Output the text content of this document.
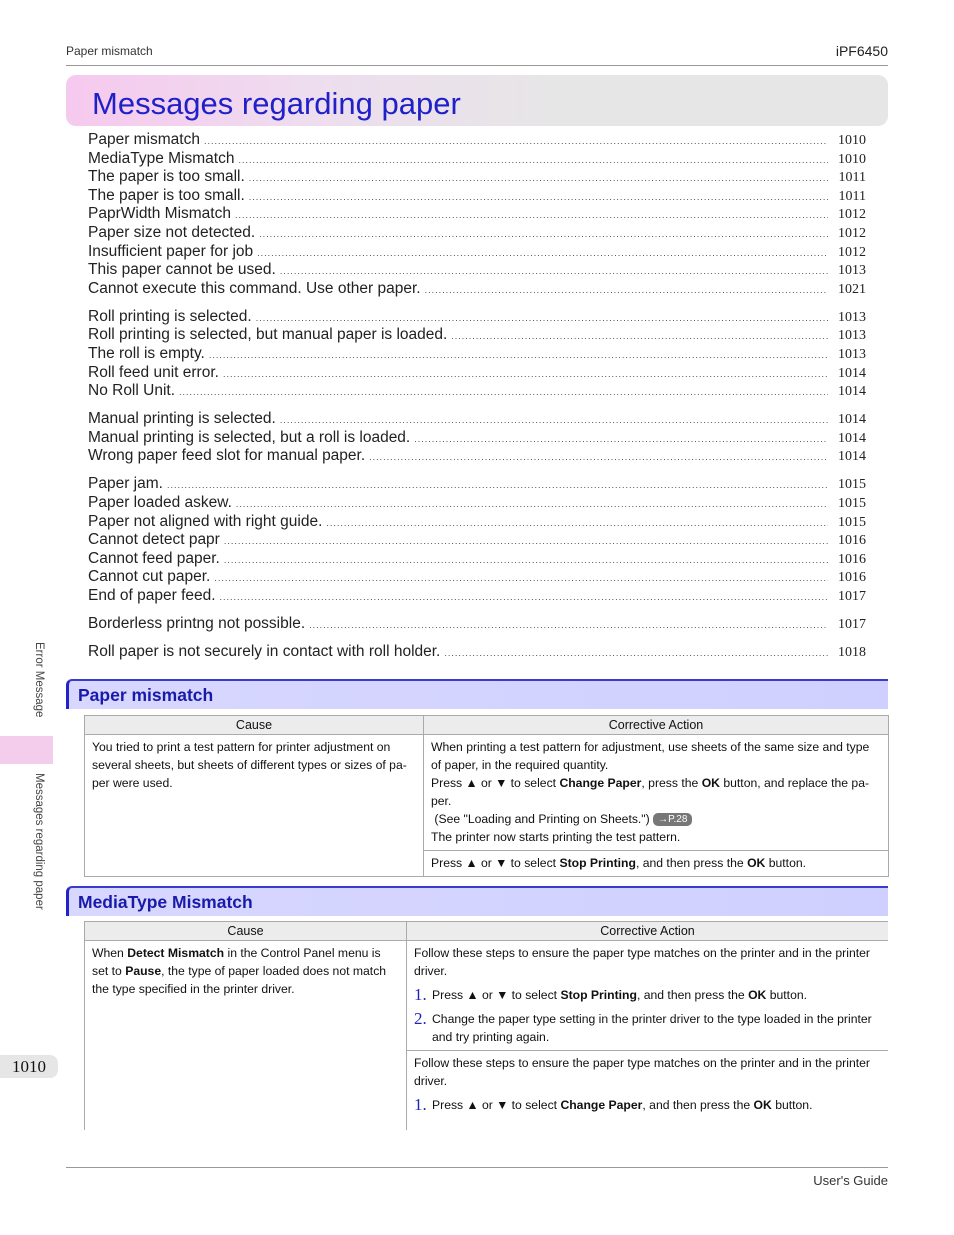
Paper mismatch	iPF6450
Messages regarding paper
Paper mismatch .....	1010
MediaType Mismatch .....	1010
The paper is too small. .....	1011
The paper is too small. .....	1011
PaprWidth Mismatch .....	1012
Paper size not detected. .....	1012
Insufficient paper for job .....	1012
This paper cannot be used. .....	1013
Cannot execute this command. Use other paper. .....	1021
Roll printing is selected. .....	1013
Roll printing is selected, but manual paper is loaded. .....	1013
The roll is empty. .....	1013
Roll feed unit error. .....	1014
No Roll Unit. .....	1014
Manual printing is selected. .....	1014
Manual printing is selected, but a roll is loaded. .....	1014
Wrong paper feed slot for manual paper. .....	1014
Paper jam. .....	1015
Paper loaded askew. .....	1015
Paper not aligned with right guide. .....	1015
Cannot detect papr .....	1016
Cannot feed paper. .....	1016
Cannot cut paper. .....	1016
End of paper feed. .....	1017
Borderless printng not possible. .....	1017
Roll paper is not securely in contact with roll holder. .....	1018
Error Message
Messages regarding paper
1010
Paper mismatch
Cause	Corrective Action
You tried to print a test pattern for printer adjustment on several sheets, but sheets of different types or sizes of pa-per were used.	When printing a test pattern for adjustment, use sheets of the same size and type of paper, in the required quantity.
Press ▲ or ▼ to select Change Paper, press the OK button, and replace the pa-per.
(See "Loading and Printing on Sheets.") →P.28
The printer now starts printing the test pattern.

	Press ▲ or ▼ to select Stop Printing, and then press the OK button.
MediaType Mismatch
Cause	Corrective Action
When Detect Mismatch in the Control Panel menu is set to Pause, the type of paper loaded does not match the type specified in the printer driver.	Follow these steps to ensure the paper type matches on the printer and in the printer driver.
1. Press ▲ or ▼ to select Stop Printing, and then press the OK button.
2. Change the paper type setting in the printer driver to the type loaded in the printer and try printing again.

	Follow these steps to ensure the paper type matches on the printer and in the printer driver.
1. Press ▲ or ▼ to select Change Paper, and then press the OK button.
User's Guide
